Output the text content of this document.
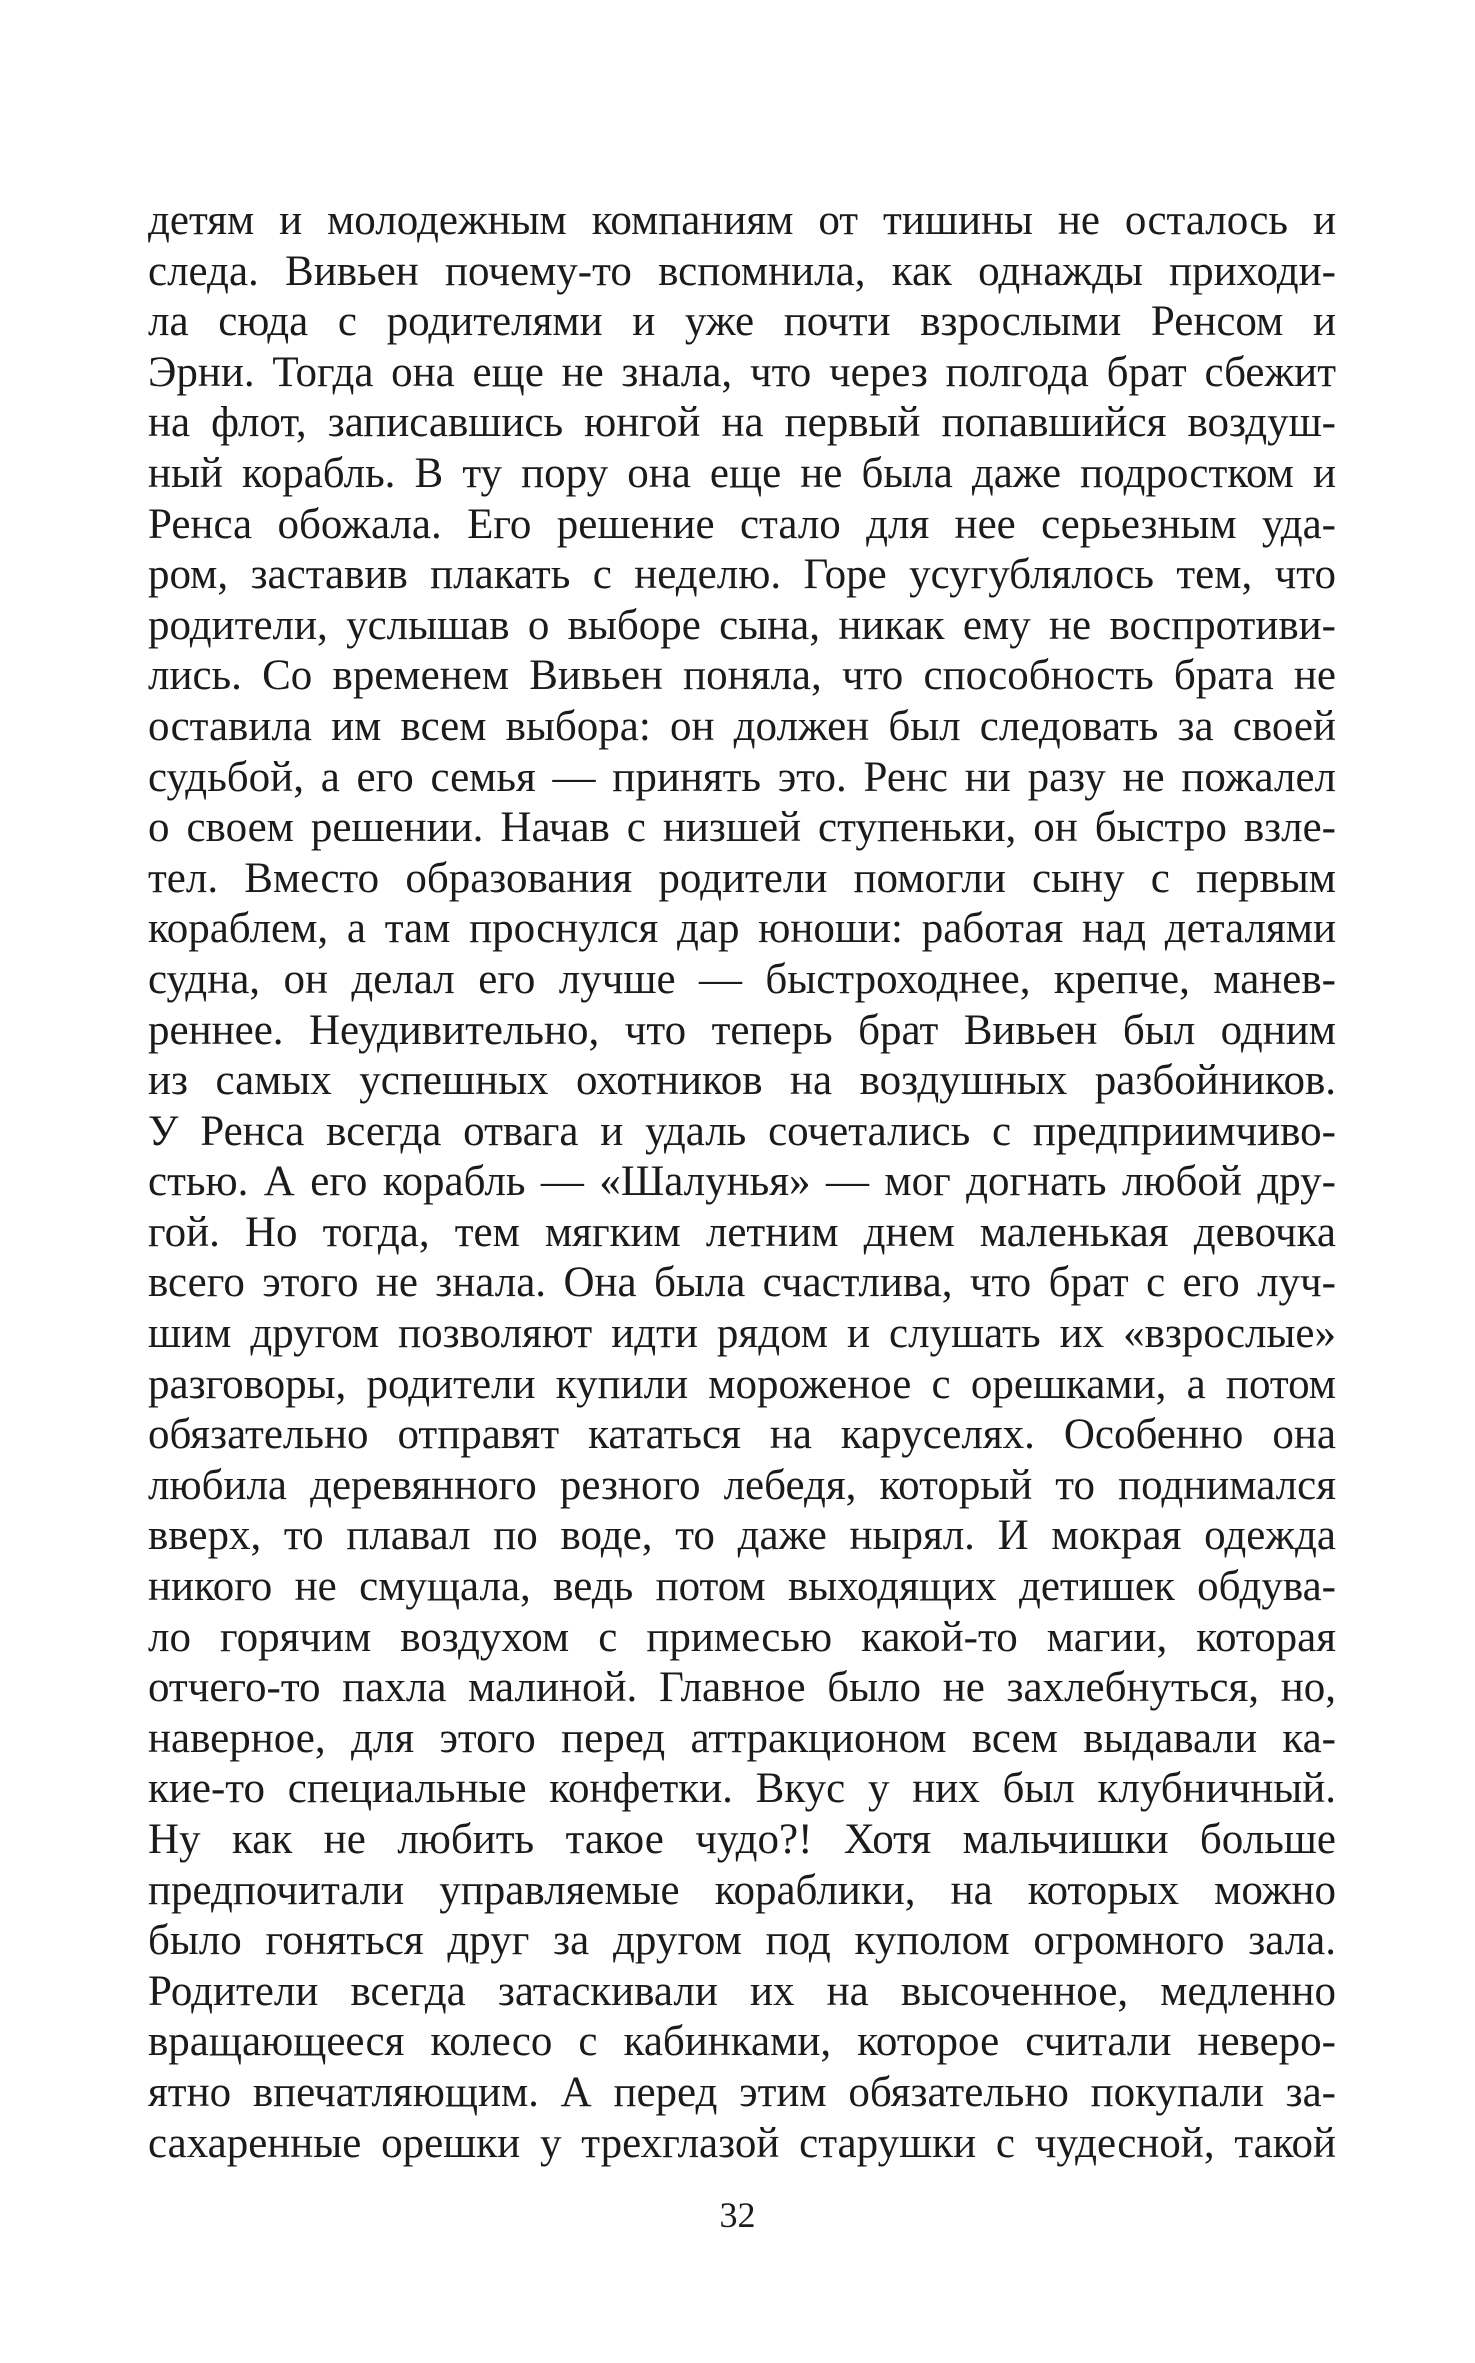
детям и молодежным компаниям от тишины не осталось и
следа. Вивьен почему-то вспомнила, как однажды приходи-
ла сюда с родителями и уже почти взрослыми Ренсом и
Эрни. Тогда она еще не знала, что через полгода брат сбежит
на флот, записавшись юнгой на первый попавшийся воздуш-
ный корабль. В ту пору она еще не была даже подростком и
Ренса обожала. Его решение стало для нее серьезным уда-
ром, заставив плакать с неделю. Горе усугублялось тем, что
родители, услышав о выборе сына, никак ему не воспротиви-
лись. Со временем Вивьен поняла, что способность брата не
оставила им всем выбора: он должен был следовать за своей
судьбой, а его семья — принять это. Ренс ни разу не пожалел
о своем решении. Начав с низшей ступеньки, он быстро взле-
тел. Вместо образования родители помогли сыну с первым
кораблем, а там проснулся дар юноши: работая над деталями
судна, он делал его лучше — быстроходнее, крепче, манев-
реннее. Неудивительно, что теперь брат Вивьен был одним
из самых успешных охотников на воздушных разбойников.
У Ренса всегда отвага и удаль сочетались с предприимчиво-
стью. А его корабль — «Шалунья» — мог догнать любой дру-
гой. Но тогда, тем мягким летним днем маленькая девочка
всего этого не знала. Она была счастлива, что брат с его луч-
шим другом позволяют идти рядом и слушать их «взрослые»
разговоры, родители купили мороженое с орешками, а потом
обязательно отправят кататься на каруселях. Особенно она
любила деревянного резного лебедя, который то поднимался
вверх, то плавал по воде, то даже нырял. И мокрая одежда
никого не смущала, ведь потом выходящих детишек обдува-
ло горячим воздухом с примесью какой-то магии, которая
отчего-то пахла малиной. Главное было не захлебнуться, но,
наверное, для этого перед аттракционом всем выдавали ка-
кие-то специальные конфетки. Вкус у них был клубничный.
Ну как не любить такое чудо?! Хотя мальчишки больше
предпочитали управляемые кораблики, на которых можно
было гоняться друг за другом под куполом огромного зала.
Родители всегда затаскивали их на высоченное, медленно
вращающееся колесо с кабинками, которое считали неверо-
ятно впечатляющим. А перед этим обязательно покупали за-
сахаренные орешки у трехглазой старушки с чудесной, такой
32
